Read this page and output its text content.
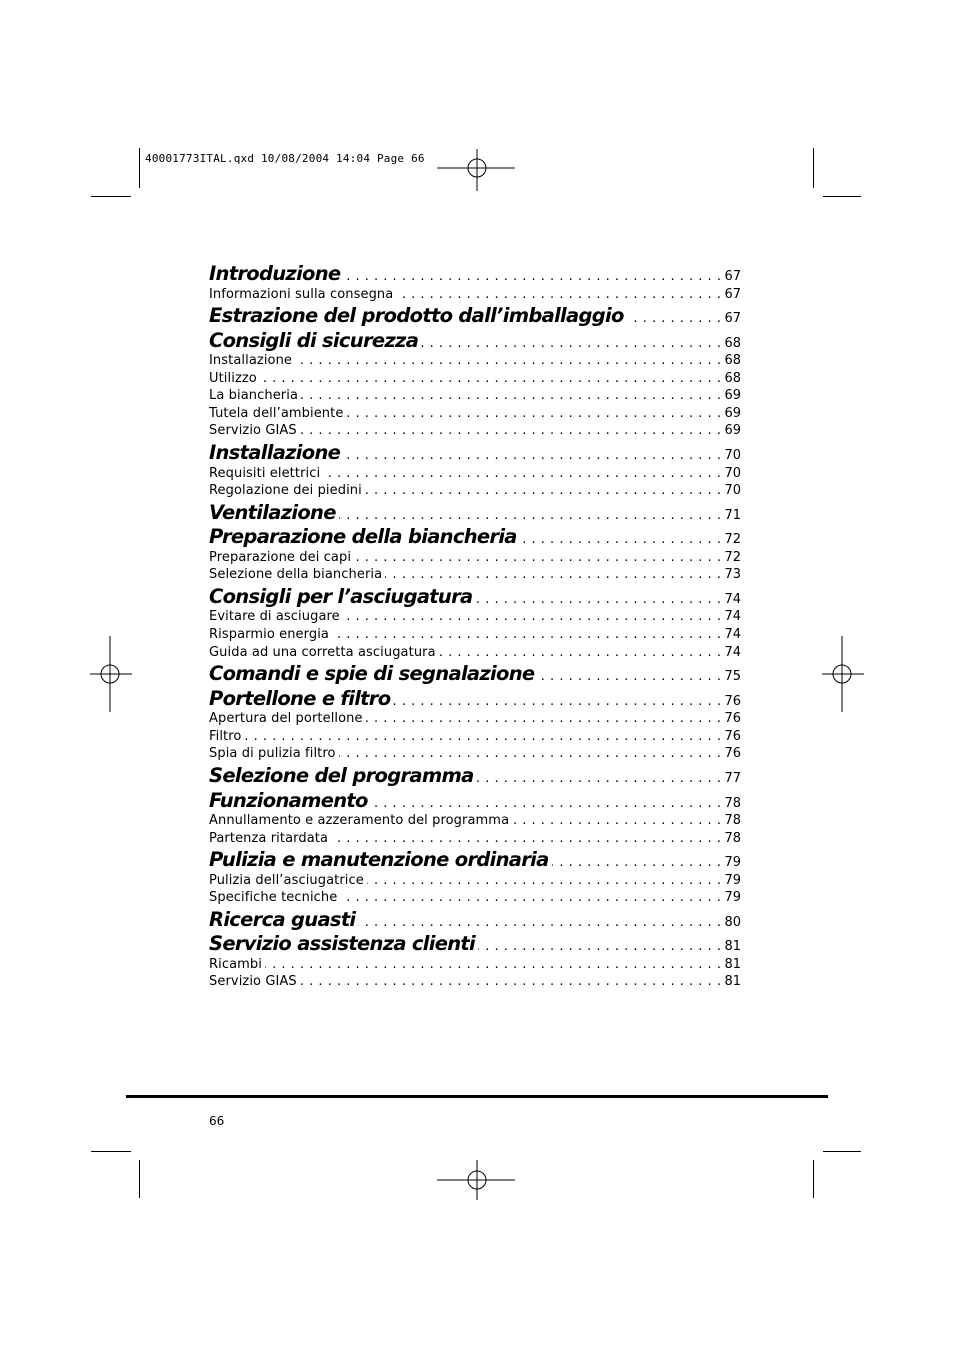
40001773ITAL.qxd 10/08/2004 14:04 Page 66
Introduzione . . .	67
Informazioni sulla consegna . . .	67
Estrazione del prodotto dall’imballaggio . . .	67
Consigli di sicurezza . . .	68
Installazione . . .	68
Utilizzo . . .	68
La biancheria . . .	69
Tutela dell’ambiente . . .	69
Servizio GIAS . . .	69
Installazione . . .	70
Requisiti elettrici . . .	70
Regolazione dei piedini . . .	70
Ventilazione . . .	71
Preparazione della biancheria . . .	72
Preparazione dei capi . . .	72
Selezione della biancheria . . .	73
Consigli per l’asciugatura . . .	74
Evitare di asciugare . . .	74
Risparmio energia . . .	74
Guida ad una corretta asciugatura . . .	74
Comandi e spie di segnalazione . . .	75
Portellone e filtro . . .	76
Apertura del portellone . . .	76
Filtro . . .	76
Spia di pulizia filtro . . .	76
Selezione del programma . . .	77
Funzionamento . . .	78
Annullamento e azzeramento del programma . . .	78
Partenza ritardata . . .	78
Pulizia e manutenzione ordinaria . . .	79
Pulizia dell’asciugatrice . . .	79
Specifiche tecniche . . .	79
Ricerca guasti . . .	80
Servizio assistenza clienti . . .	81
Ricambi . . .	81
Servizio GIAS . . .	81
66
